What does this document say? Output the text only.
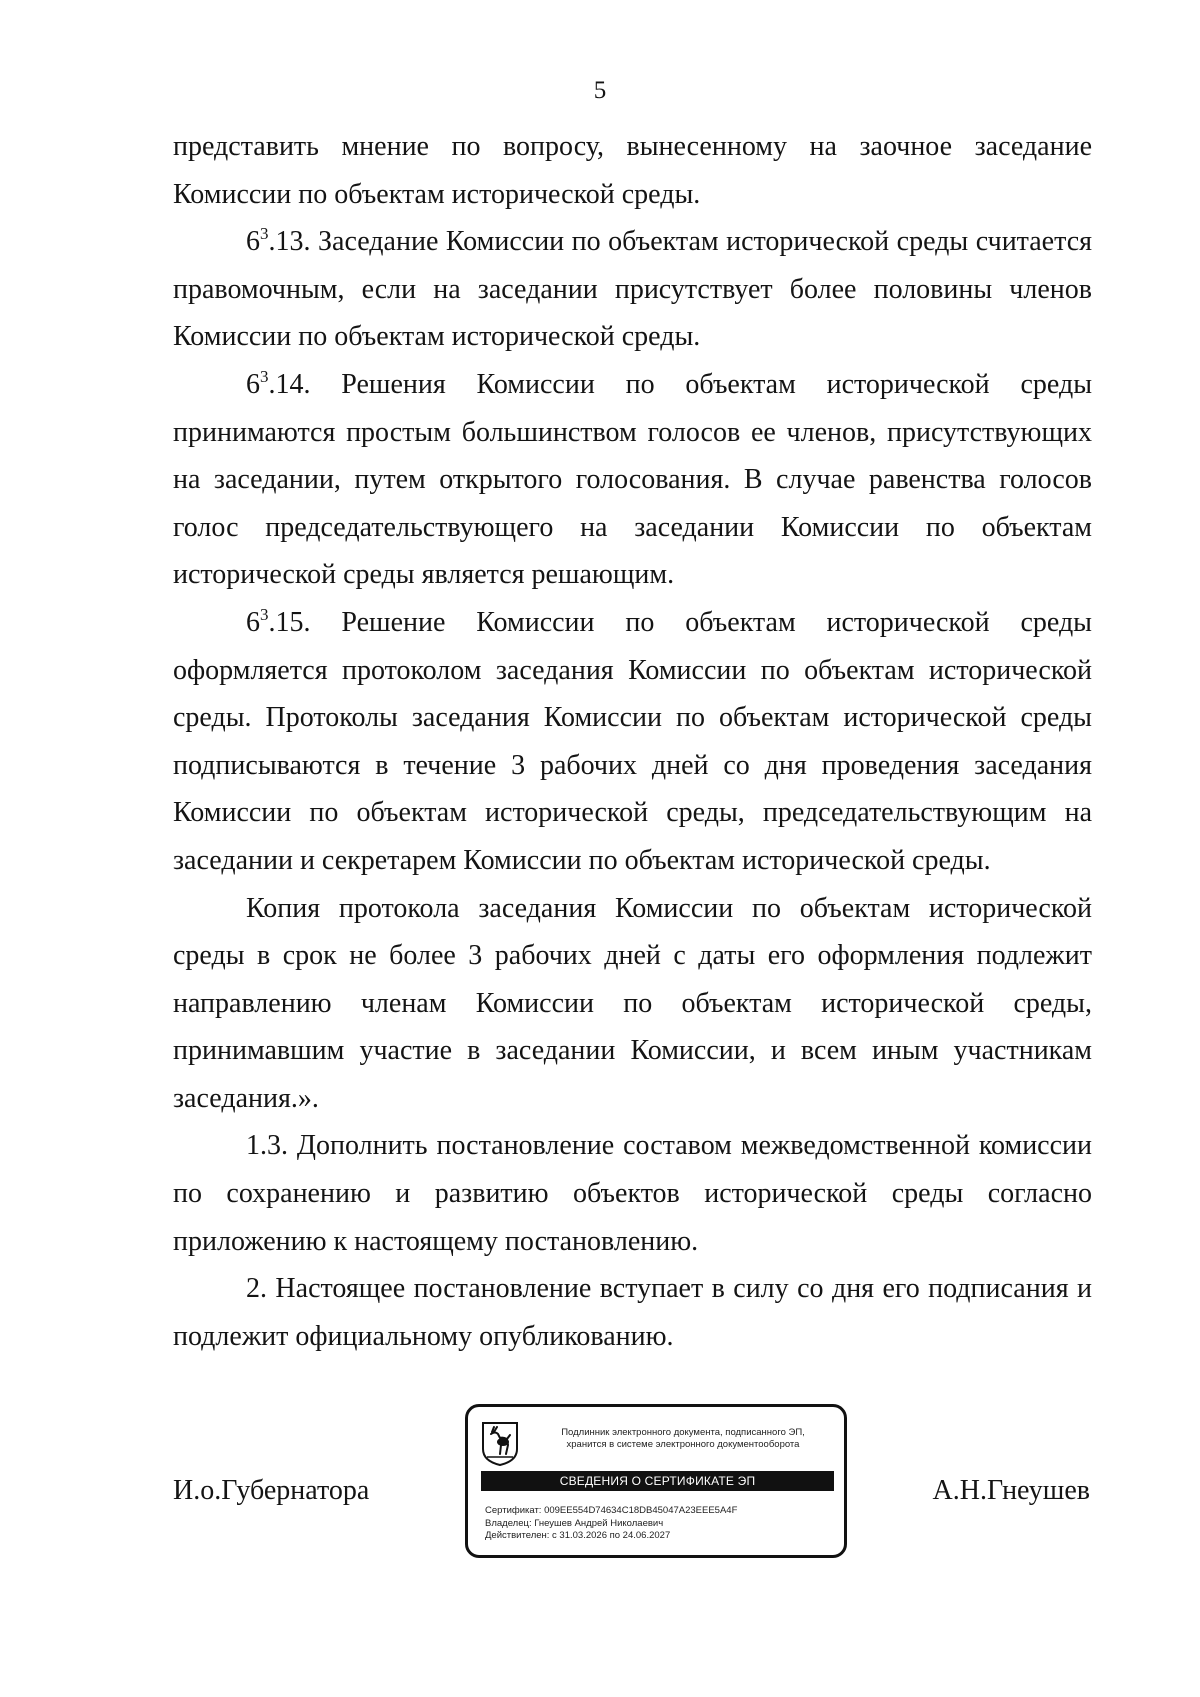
5

представить мнение по вопросу, вынесенному на заочное заседание Комиссии по объектам исторической среды.

$6^3.13$. Заседание Комиссии по объектам исторической среды считается правомочным, если на заседании присутствует более половины членов Комиссии по объектам исторической среды.

$6^3.14$. Решения Комиссии по объектам исторической среды принимаются простым большинством голосов ее членов, присутствующих на заседании, путем открытого голосования. В случае равенства голосов голос председательствующего на заседании Комиссии по объектам исторической среды является решающим.

$6^3.15$. Решение Комиссии по объектам исторической среды оформляется протоколом заседания Комиссии по объектам исторической среды. Протоколы заседания Комиссии по объектам исторической среды подписываются в течение 3 рабочих дней со дня проведения заседания Комиссии по объектам исторической среды, председательствующим на заседании и секретарем Комиссии по объектам исторической среды.

Копия протокола заседания Комиссии по объектам исторической среды в срок не более 3 рабочих дней с даты его оформления подлежит направлению членам Комиссии по объектам исторической среды, принимавшим участие в заседании Комиссии, и всем иным участникам заседания.».

1.3. Дополнить постановление составом межведомственной комиссии по сохранению и развитию объектов исторической среды согласно приложению к настоящему постановлению.

2. Настоящее постановление вступает в силу со дня его подписания и подлежит официальному опубликованию.

И.о.Губернатора
Подлинник электронного документа, подписанного ЭП,
хранится в системе электронного документооборота
СВЕДЕНИЯ О СЕРТИФИКАТЕ ЭП
Сертификат: 009EE554D74634C18DB45047A23EEE5A4F
Владелец: Гнеушев Андрей Николаевич
Действителен: с 31.03.2026 по 24.06.2027
А.Н.Гнеушев
